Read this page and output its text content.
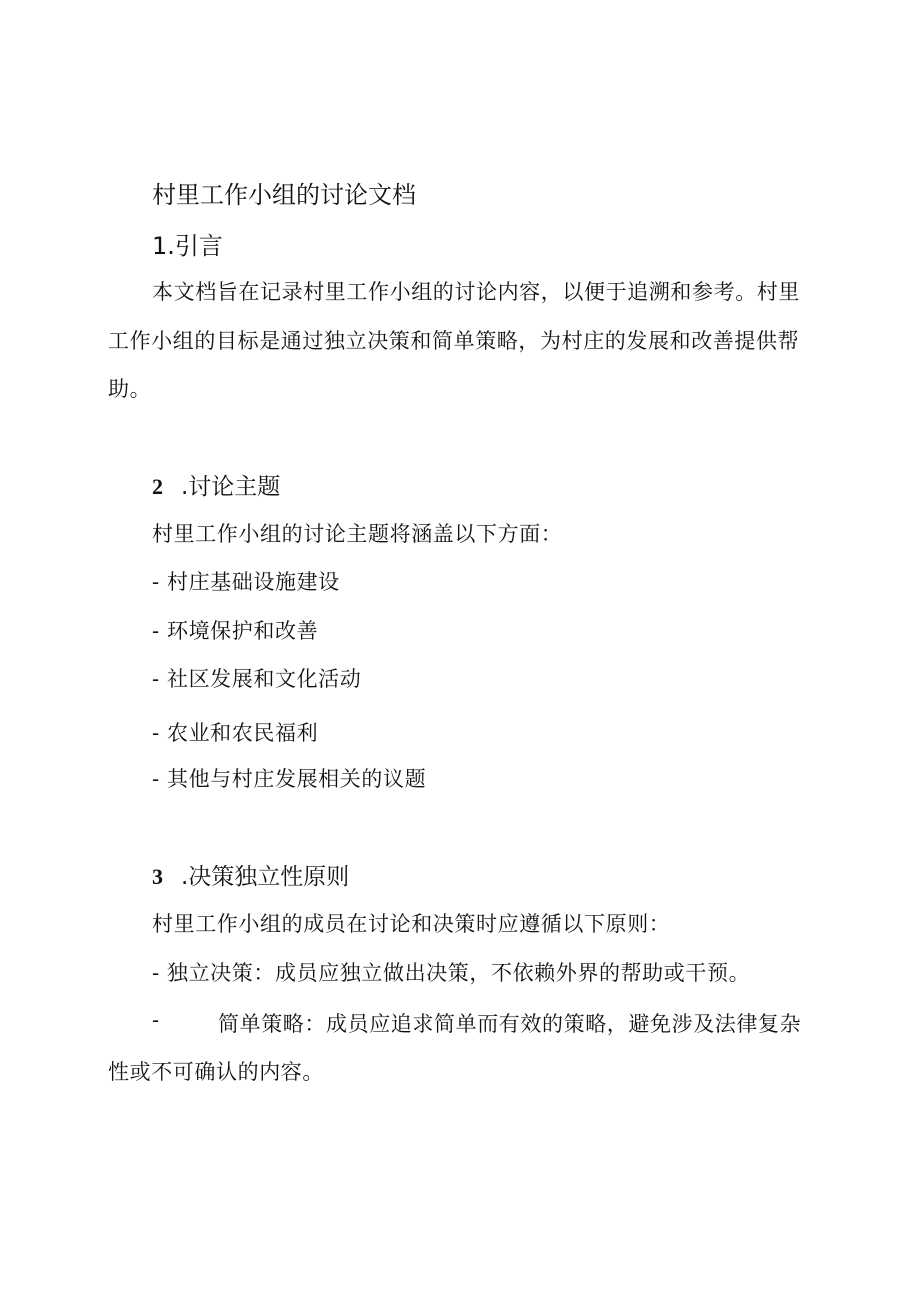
村里工作小组的讨论文档
1.引言
本文档旨在记录村里工作小组的讨论内容，以便于追溯和参考。村里
工作小组的目标是通过独立决策和简单策略，为村庄的发展和改善提供帮
助。
2 .讨论主题
村里工作小组的讨论主题将涵盖以下方面：
- 村庄基础设施建设
- 环境保护和改善
- 社区发展和文化活动
- 农业和农民福利
- 其他与村庄发展相关的议题
3 .决策独立性原则
村里工作小组的成员在讨论和决策时应遵循以下原则：
- 独立决策：成员应独立做出决策，不依赖外界的帮助或干预。
-	简单策略：成员应追求简单而有效的策略，避免涉及法律复杂
性或不可确认的内容。
